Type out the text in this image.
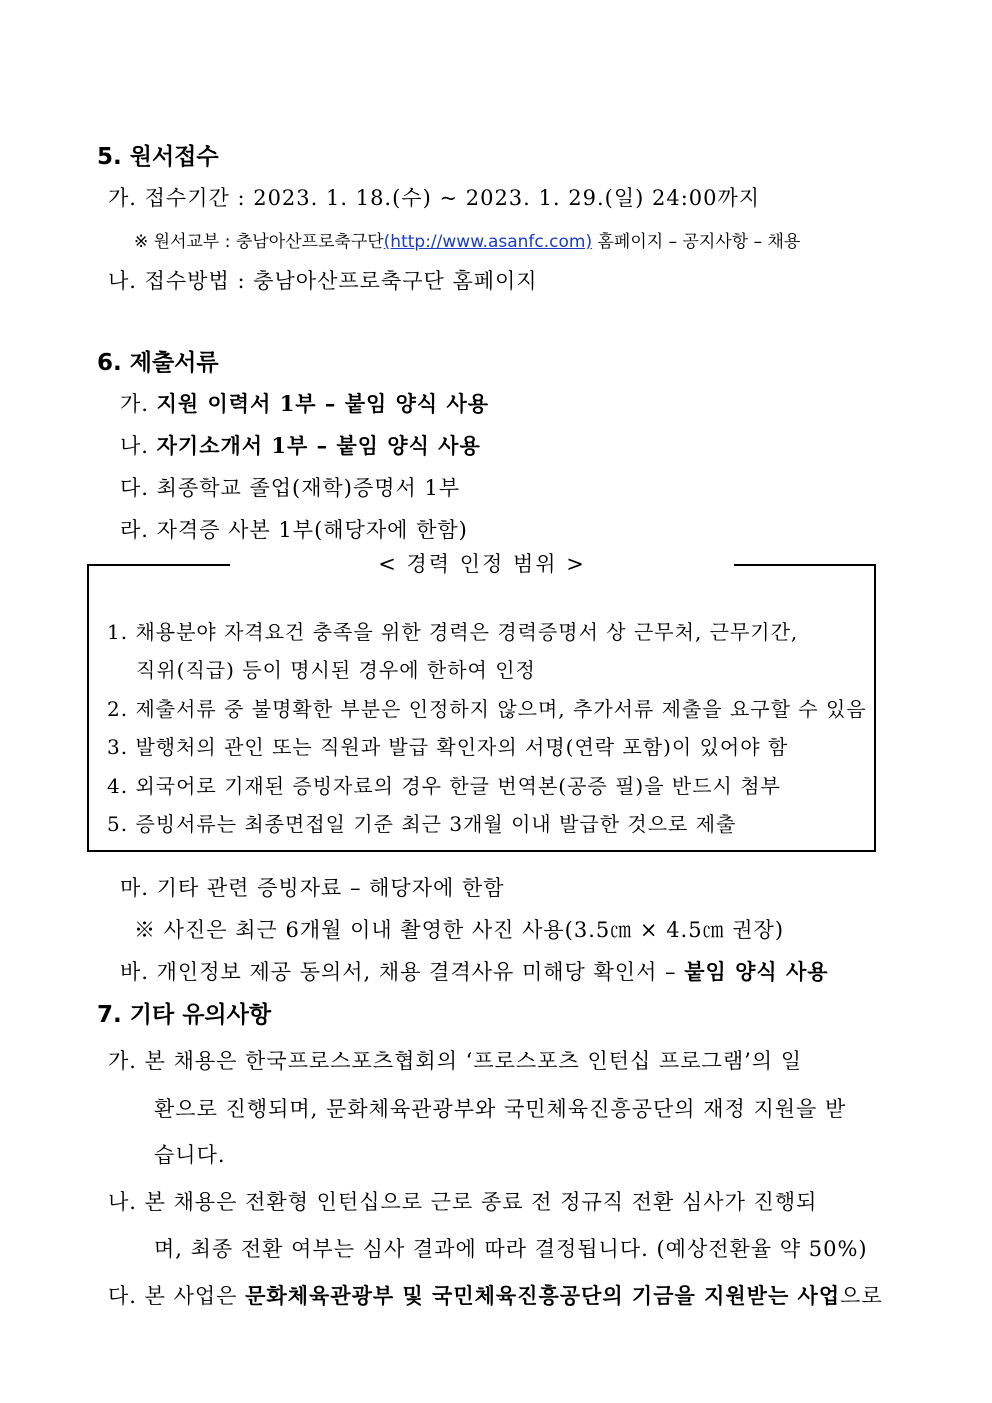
5. 원서접수
가. 접수기간 : 2023. 1. 18.(수) ~ 2023. 1. 29.(일) 24:00까지
※ 원서교부 : 충남아산프로축구단(http://www.asanfc.com) 홈페이지 – 공지사항 – 채용
나. 접수방법 : 충남아산프로축구단 홈페이지
6. 제출서류
가. 지원 이력서 1부 – 붙임 양식 사용
나. 자기소개서 1부 – 붙임 양식 사용
다. 최종학교 졸업(재학)증명서 1부
라. 자격증 사본 1부(해당자에 한함)
< 경력 인정 범위 >
1. 채용분야 자격요건 충족을 위한 경력은 경력증명서 상 근무처, 근무기간,
직위(직급) 등이 명시된 경우에 한하여 인정
2. 제출서류 중 불명확한 부분은 인정하지 않으며, 추가서류 제출을 요구할 수 있음
3. 발행처의 관인 또는 직원과 발급 확인자의 서명(연락 포함)이 있어야 함
4. 외국어로 기재된 증빙자료의 경우 한글 번역본(공증 필)을 반드시 첨부
5. 증빙서류는 최종면접일 기준 최근 3개월 이내 발급한 것으로 제출
마. 기타 관련 증빙자료 – 해당자에 한함
※ 사진은 최근 6개월 이내 촬영한 사진 사용(3.5㎝ × 4.5㎝ 권장)
바. 개인정보 제공 동의서, 채용 결격사유 미해당 확인서 – 붙임 양식 사용
7. 기타 유의사항
가. 본 채용은 한국프로스포츠협회의 ‘프로스포츠 인턴십 프로그램’의 일
환으로 진행되며, 문화체육관광부와 국민체육진흥공단의 재정 지원을 받
습니다.
나. 본 채용은 전환형 인턴십으로 근로 종료 전 정규직 전환 심사가 진행되
며, 최종 전환 여부는 심사 결과에 따라 결정됩니다. (예상전환율 약 50%)
다. 본 사업은 문화체육관광부 및 국민체육진흥공단의 기금을 지원받는 사업으로
